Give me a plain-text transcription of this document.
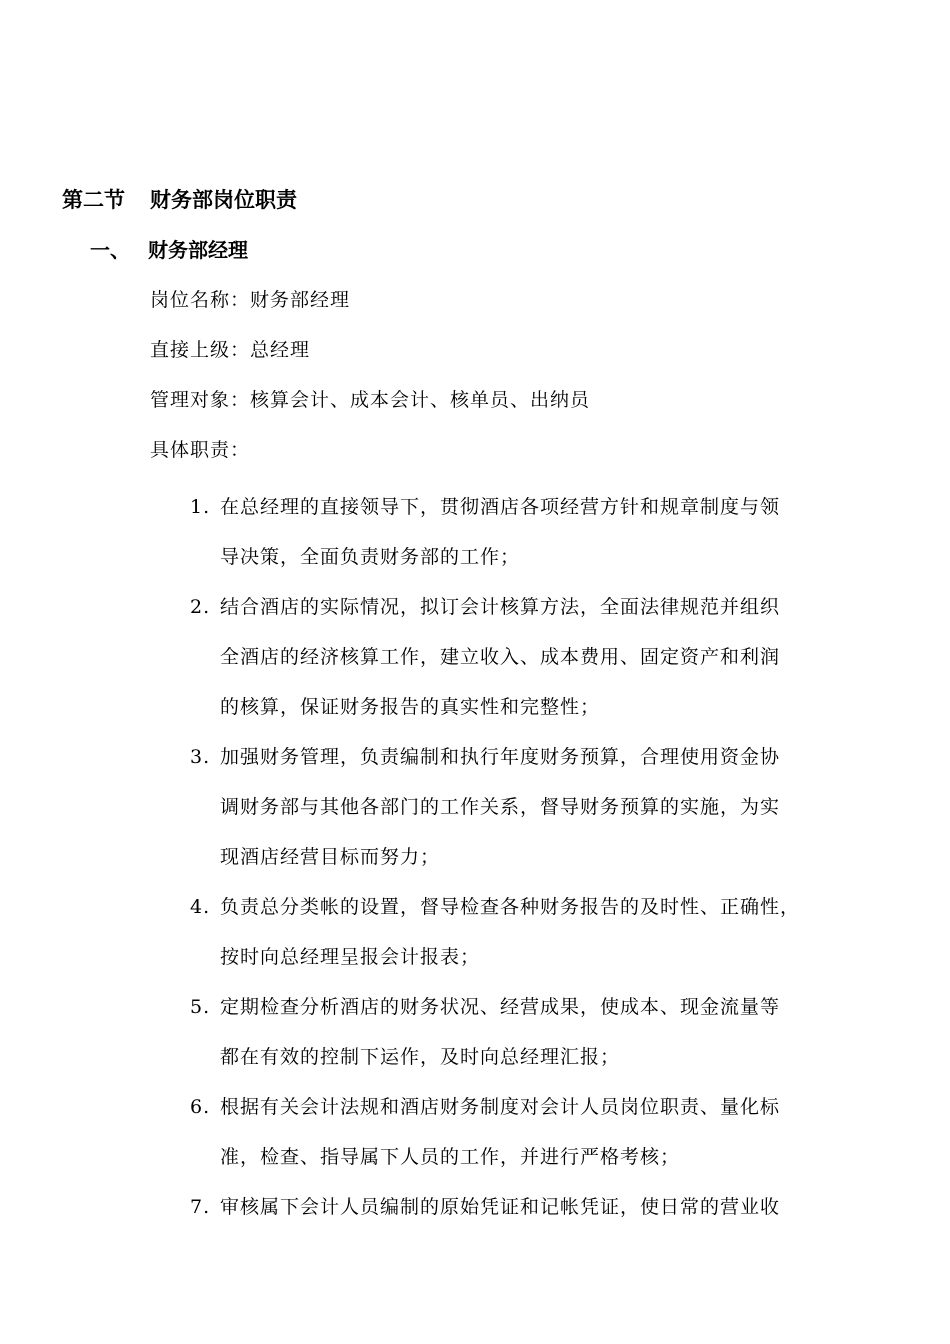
第二节 财务部岗位职责
一、 财务部经理
岗位名称：财务部经理
直接上级：总经理
管理对象：核算会计、成本会计、核单员、出纳员
具体职责：
1. 在总经理的直接领导下，贯彻酒店各项经营方针和规章制度与领
导决策，全面负责财务部的工作；
2. 结合酒店的实际情况，拟订会计核算方法，全面法律规范并组织
全酒店的经济核算工作，建立收入、成本费用、固定资产和利润
的核算，保证财务报告的真实性和完整性；
3. 加强财务管理，负责编制和执行年度财务预算，合理使用资金协
调财务部与其他各部门的工作关系，督导财务预算的实施，为实
现酒店经营目标而努力；
4. 负责总分类帐的设置，督导检查各种财务报告的及时性、正确性，
按时向总经理呈报会计报表；
5. 定期检查分析酒店的财务状况、经营成果，使成本、现金流量等
都在有效的控制下运作，及时向总经理汇报；
6. 根据有关会计法规和酒店财务制度对会计人员岗位职责、量化标
准，检查、指导属下人员的工作，并进行严格考核；
7. 审核属下会计人员编制的原始凭证和记帐凭证，使日常的营业收
